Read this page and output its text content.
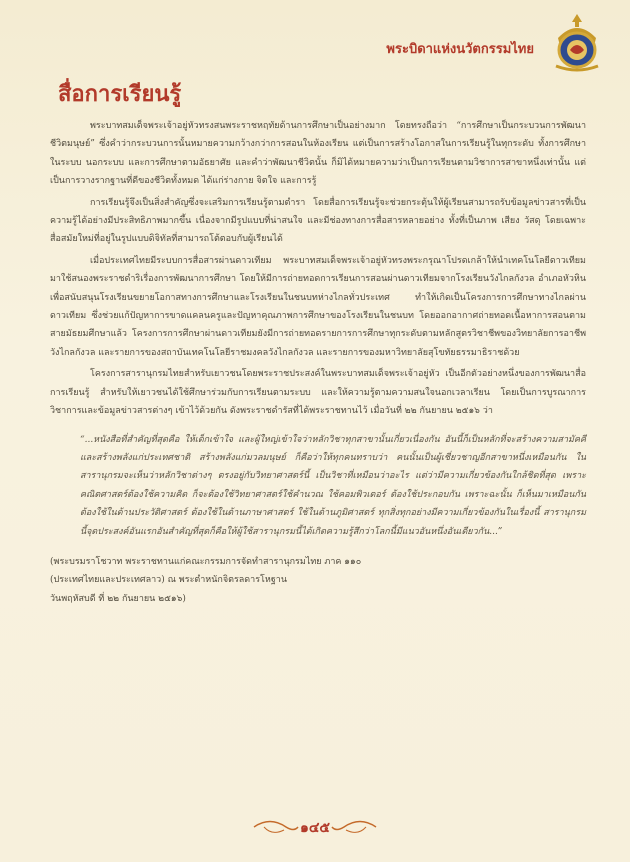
พระบิดาแห่งนวัตกรรมไทย
สื่อการเรียนรู้

พระบาทสมเด็จพระเจ้าอยู่หัวทรงสนพระราชหฤทัยด้านการศึกษาเป็นอย่างมาก โดยทรงถือว่า “การศึกษาเป็นกระบวนการพัฒนาชีวิตมนุษย์” ซึ่งคำว่ากระบวนการนั้นหมายความกว้างกว่าการสอนในห้องเรียน แต่เป็นการสร้างโอกาสในการเรียนรู้ในทุกระดับ ทั้งการศึกษาในระบบ นอกระบบ และการศึกษาตามอัธยาศัย และคำว่าพัฒนาชีวิตนั้น ก็มิได้หมายความว่าเป็นการเรียนตามวิชาการสาขาหนึ่งเท่านั้น แต่เป็นการวางรากฐานที่ดีของชีวิตทั้งหมด ได้แก่ร่างกาย จิตใจ และการรู้

การเรียนรู้จึงเป็นสิ่งสำคัญซึ่งจะเสริมการเรียนรู้ตามตำรา โดยสื่อการเรียนรู้จะช่วยกระตุ้นให้ผู้เรียนสามารถรับข้อมูลข่าวสารที่เป็นความรู้ได้อย่างมีประสิทธิภาพมากขึ้น เนื่องจากมีรูปแบบที่น่าสนใจ และมีช่องทางการสื่อสารหลายอย่าง ทั้งที่เป็นภาพ เสียง วัสดุ โดยเฉพาะสื่อสมัยใหม่ที่อยู่ในรูปแบบดิจิทัลที่สามารถโต้ตอบกับผู้เรียนได้

เมื่อประเทศไทยมีระบบการสื่อสารผ่านดาวเทียม พระบาทสมเด็จพระเจ้าอยู่หัวทรงพระกรุณาโปรดเกล้าให้นำเทคโนโลยีดาวเทียมมาใช้สนองพระราชดำริเรื่องการพัฒนาการศึกษา โดยให้มีการถ่ายทอดการเรียนการสอนผ่านดาวเทียมจากโรงเรียนวังไกลกังวล อำเภอหัวหิน เพื่อสนับสนุนโรงเรียนขยายโอกาสทางการศึกษาและโรงเรียนในชนบทห่างไกลทั่วประเทศ ทำให้เกิดเป็นโครงการการศึกษาทางไกลผ่านดาวเทียม ซึ่งช่วยแก้ปัญหาการขาดแคลนครูและปัญหาคุณภาพการศึกษาของโรงเรียนในชนบท โดยออกอากาศถ่ายทอดเนื้อหาการสอนตามสายมัธยมศึกษาแล้ว โครงการการศึกษาผ่านดาวเทียมยังมีการถ่ายทอดรายการการศึกษาทุกระดับตามหลักสูตรวิชาชีพของวิทยาลัยการอาชีพวังไกลกังวล และรายการของสถาบันเทคโนโลยีราชมงคลวังไกลกังวล และรายการของมหาวิทยาลัยสุโขทัยธรรมาธิราชด้วย

โครงการสารานุกรมไทยสำหรับเยาวชนโดยพระราชประสงค์ในพระบาทสมเด็จพระเจ้าอยู่หัว เป็นอีกตัวอย่างหนึ่งของการพัฒนาสื่อการเรียนรู้ สำหรับให้เยาวชนได้ใช้ศึกษาร่วมกับการเรียนตามระบบ และให้ความรู้ตามความสนใจนอกเวลาเรียน โดยเป็นการบูรณาการวิชาการและข้อมูลข่าวสารต่างๆ เข้าไว้ด้วยกัน ดังพระราชดำรัสที่ได้พระราชทานไว้ เมื่อวันที่ ๒๒ กันยายน ๒๕๑๖ ว่า

“...หนังสือที่สำคัญที่สุดคือ ให้เด็กเข้าใจ และผู้ใหญ่เข้าใจว่าหลักวิชาทุกสาขานั้นเกี่ยวเนื่องกัน อันนี้ก็เป็นหลักที่จะสร้างความสามัคคีและสร้างพลังแก่ประเทศชาติ สร้างพลังแก่มวลมนุษย์ ก็คือว่าให้ทุกคนทราบว่า คนนั้นเป็นผู้เชี่ยวชาญอีกสาขาหนึ่งเหมือนกัน ในสารานุกรมจะเห็นว่าหลักวิชาต่างๆ ตรงอยู่กับวิทยาศาสตร์นี้ เป็นวิชาที่เหมือนว่าอะไร แต่ว่ามีความเกี่ยวข้องกันใกล้ชิดที่สุด เพราะคณิตศาสตร์ต้องใช้ความคิด ก็จะต้องใช้วิทยาศาสตร์ใช้คำนวณ ใช้คอมพิวเตอร์ ต้องใช้ประกอบกัน เพราะฉะนั้น ก็เห็นมาเหมือนกัน ต้องใช้ในด้านประวัติศาสตร์ ต้องใช้ในด้านภาษาศาสตร์ ใช้ในด้านภูมิศาสตร์ ทุกสิ่งทุกอย่างมีความเกี่ยวข้องกันในเรื่องนี้ สารานุกรมนี้จุดประสงค์อันแรกอันสำคัญที่สุดก็คือให้ผู้ใช้สารานุกรมนี้ได้เกิดความรู้สึกว่าโลกนี้มีแนวอันหนึ่งอันเดียวกัน...”

(พระบรมราโชวาท พระราชทานแก่คณะกรรมการจัดทำสารานุกรมไทย ภาค ๑๑๐
(ประเทศไทยและประเทศลาว) ณ พระตำหนักจิตรลดารโหฐาน
วันพฤหัสบดี ที่ ๒๒ กันยายน ๒๕๑๖)
๑๔๕
